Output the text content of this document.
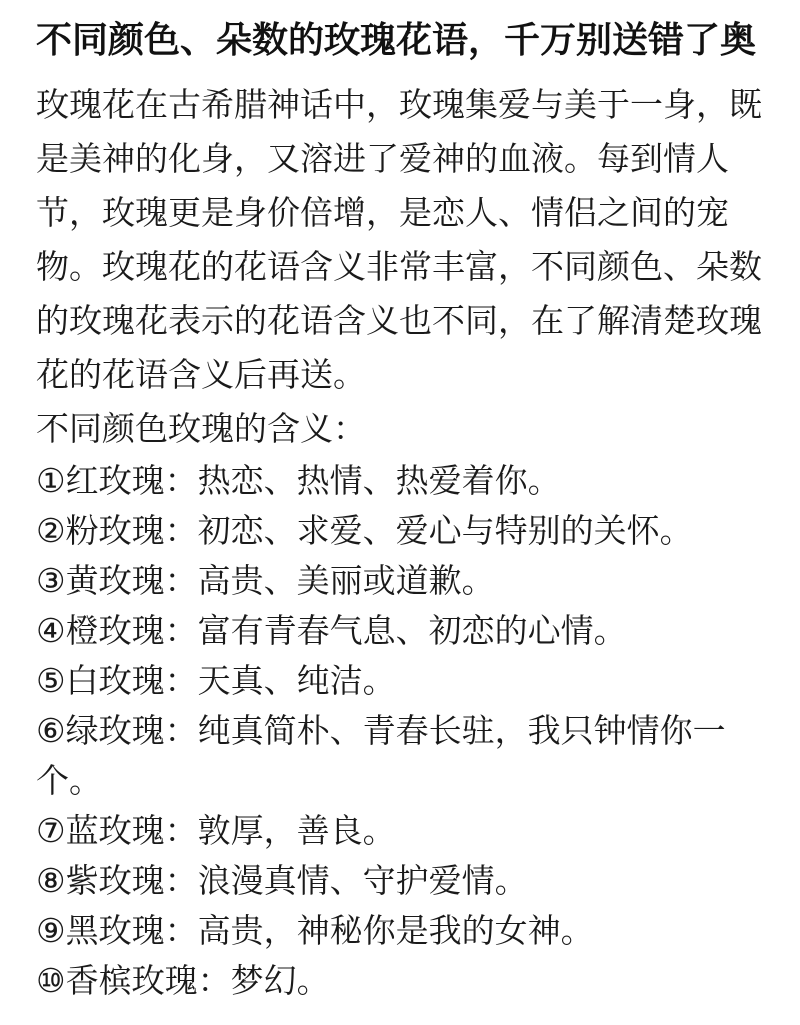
不同颜色、朵数的玫瑰花语，千万别送错了奥

玫瑰花在古希腊神话中，玫瑰集爱与美于一身，既是美神的化身，又溶进了爱神的血液。每到情人节，玫瑰更是身价倍增，是恋人、情侣之间的宠物。玫瑰花的花语含义非常丰富，不同颜色、朵数的玫瑰花表示的花语含义也不同，在了解清楚玫瑰花的花语含义后再送。

不同颜色玫瑰的含义：

①红玫瑰：热恋、热情、热爱着你。
②粉玫瑰：初恋、求爱、爱心与特别的关怀。
③黄玫瑰：高贵、美丽或道歉。
④橙玫瑰：富有青春气息、初恋的心情。
⑤白玫瑰：天真、纯洁。
⑥绿玫瑰：纯真简朴、青春长驻，我只钟情你一个。
⑦蓝玫瑰：敦厚，善良。
⑧紫玫瑰：浪漫真情、守护爱情。
⑨黑玫瑰：高贵，神秘你是我的女神。
⑩香槟玫瑰：梦幻。
